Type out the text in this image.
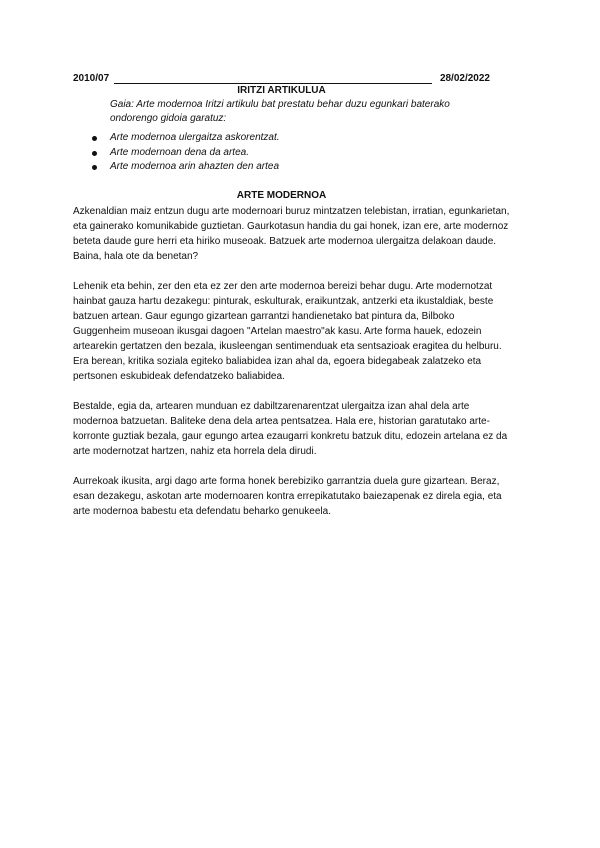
2010/07	28/02/2022
IRITZI ARTIKULUA

Gaia: Arte modernoa Iritzi artikulu bat prestatu behar duzu egunkari baterako

ondorengo gidoia garatuz:

Arte modernoa ulergaitza askorentzat.
Arte modernoan dena da artea.
Arte modernoa arin ahazten den artea
ARTE MODERNOA

Azkenaldian maiz entzun dugu arte modernoari buruz mintzatzen telebistan, irratian, egunkarietan, eta gainerako komunikabide guztietan. Gaurkotasun handia du gai honek, izan ere, arte modernoz beteta daude gure herri eta hiriko museoak. Batzuek arte modernoa ulergaitza delakoan daude. Baina, hala ote da benetan?

Lehenik eta behin, zer den eta ez zer den arte modernoa bereizi behar dugu. Arte modernotzat hainbat gauza hartu dezakegu: pinturak, eskulturak, eraikuntzak, antzerki eta ikustaldiak, beste batzuen artean. Gaur egungo gizartean garrantzi handienetako bat pintura da, Bilboko Guggenheim museoan ikusgai dagoen "Artelan maestro"ak kasu. Arte forma hauek, edozein artearekin gertatzen den bezala, ikusleengan sentimenduak eta sentsazioak eragitea du helburu. Era berean, kritika soziala egiteko baliabidea izan ahal da, egoera bidegabeak zalatzeko eta pertsonen eskubideak defendatzeko baliabidea.

Bestalde, egia da, artearen munduan ez dabiltzarenarentzat ulergaitza izan ahal dela arte modernoa batzuetan. Baliteke dena dela artea pentsatzea. Hala ere, historian garatutako arte-korronte guztiak bezala, gaur egungo artea ezaugarri konkretu batzuk ditu, edozein artelana ez da arte modernotzat hartzen, nahiz eta horrela dela dirudi.

Aurrekoak ikusita, argi dago arte forma honek berebiziko garrantzia duela gure gizartean. Beraz, esan dezakegu, askotan arte modernoaren kontra errepikatutako baiezapenak ez direla egia, eta arte modernoa babestu eta defendatu beharko genukeela.
